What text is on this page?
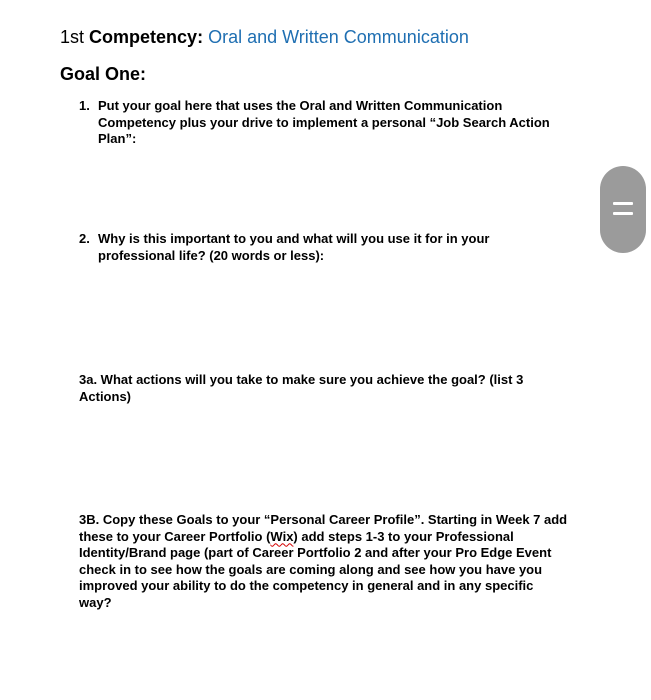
1st Competency: Oral and Written Communication
Goal One:
1. Put your goal here that uses the Oral and Written Communication Competency plus your drive to implement a personal “Job Search Action Plan”:
2. Why is this important to you and what will you use it for in your professional life? (20 words or less):
3a. What actions will you take to make sure you achieve the goal? (list 3 Actions)
3B. Copy these Goals to your “Personal Career Profile”. Starting in Week 7 add these to your Career Portfolio (Wix) add steps 1-3 to your Professional Identity/Brand page (part of Career Portfolio 2 and after your Pro Edge Event check in to see how the goals are coming along and see how you have you improved your ability to do the competency in general and in any specific way?
